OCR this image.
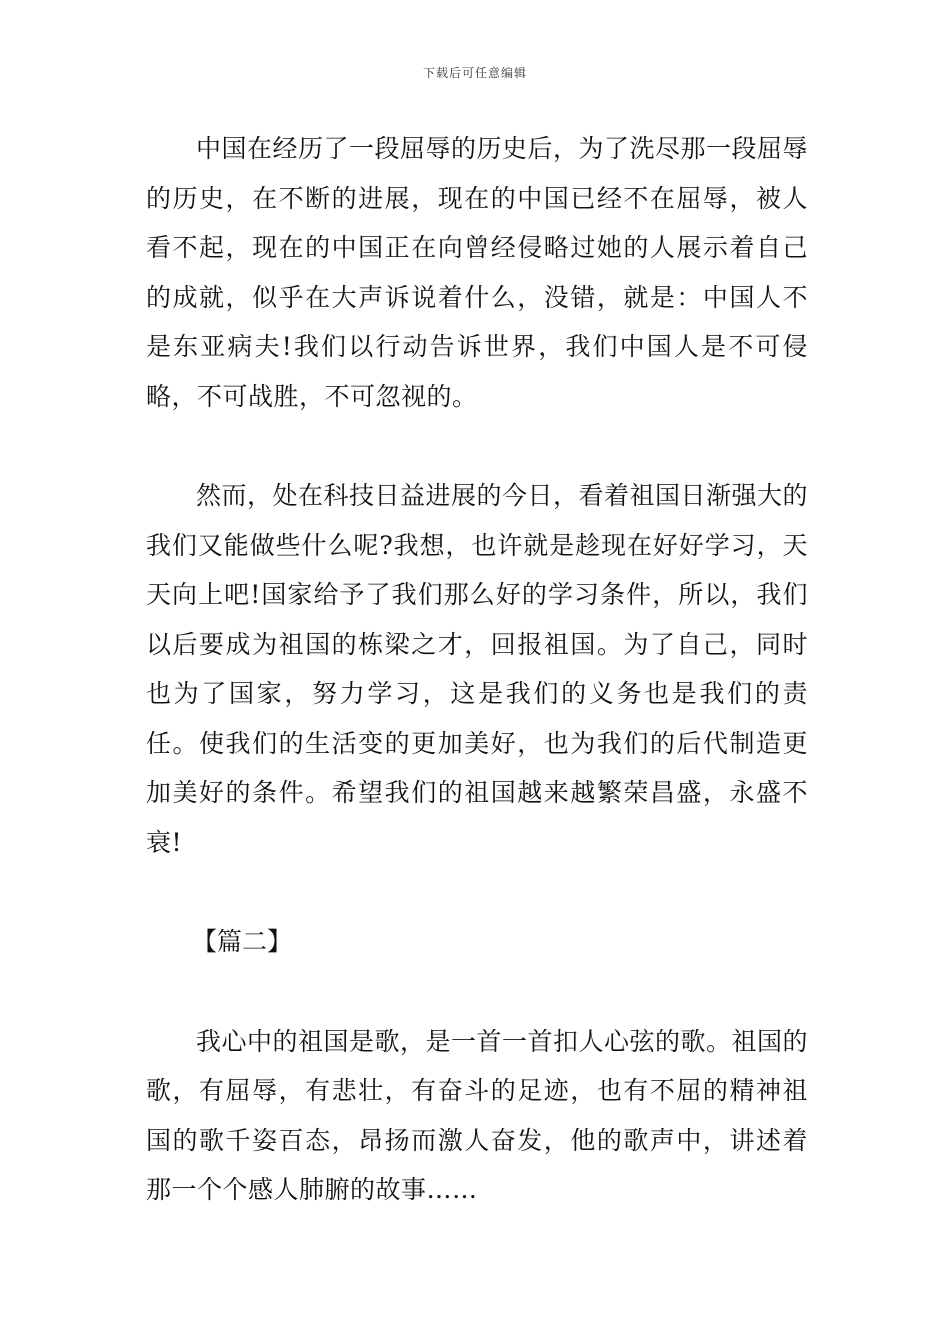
下载后可任意编辑

中国在经历了一段屈辱的历史后，为了洗尽那一段屈辱的历史，在不断的进展，现在的中国已经不在屈辱，被人看不起，现在的中国正在向曾经侵略过她的人展示着自己的成就，似乎在大声诉说着什么，没错，就是：中国人不是东亚病夫!我们以行动告诉世界，我们中国人是不可侵略，不可战胜，不可忽视的。

然而，处在科技日益进展的今日，看着祖国日渐强大的我们又能做些什么呢?我想，也许就是趁现在好好学习，天天向上吧!国家给予了我们那么好的学习条件，所以，我们以后要成为祖国的栋梁之才，回报祖国。为了自己，同时也为了国家，努力学习，这是我们的义务也是我们的责任。使我们的生活变的更加美好，也为我们的后代制造更加美好的条件。希望我们的祖国越来越繁荣昌盛，永盛不衰!

【篇二】

我心中的祖国是歌，是一首一首扣人心弦的歌。祖国的歌，有屈辱，有悲壮，有奋斗的足迹，也有不屈的精神祖国的歌千姿百态，昂扬而激人奋发，他的歌声中，讲述着那一个个感人肺腑的故事……
